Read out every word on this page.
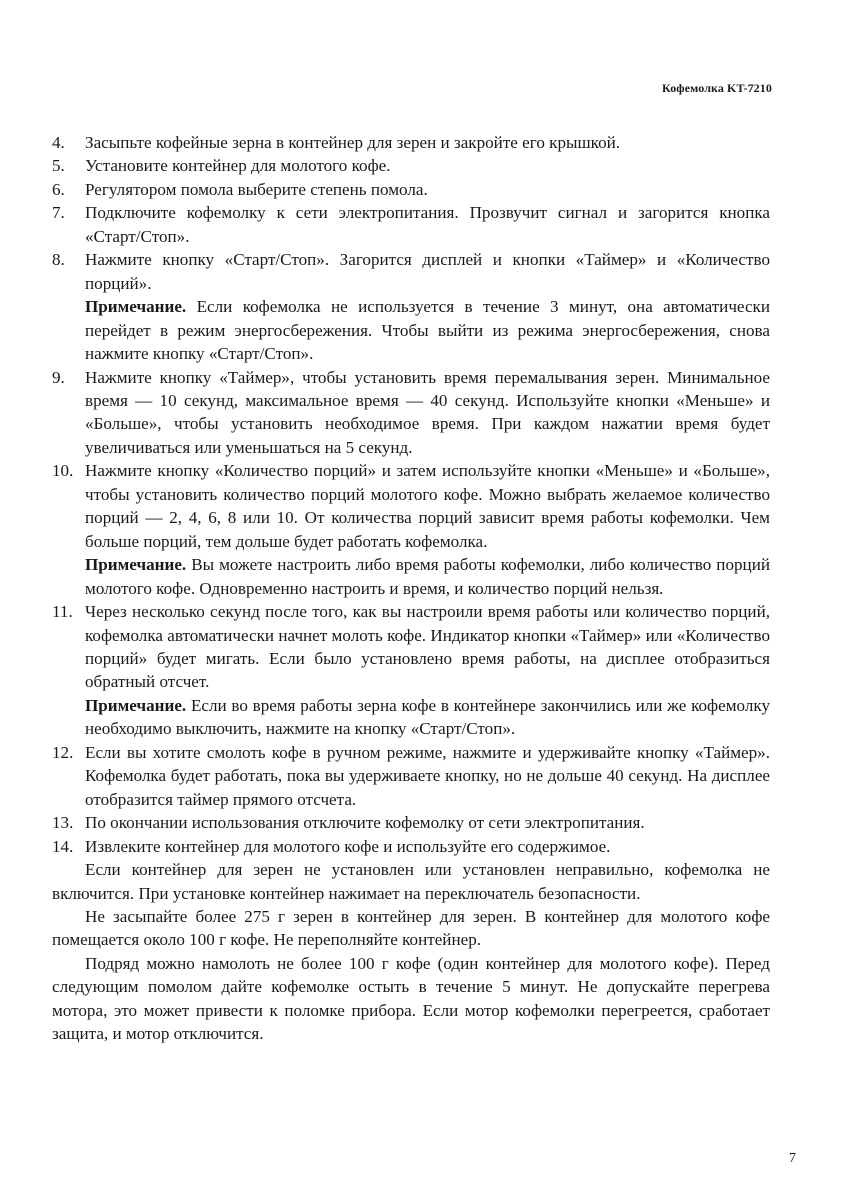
Кофемолка KT-7210
4. Засыпьте кофейные зерна в контейнер для зерен и закройте его крышкой.
5. Установите контейнер для молотого кофе.
6. Регулятором помола выберите степень помола.
7. Подключите кофемолку к сети электропитания. Прозвучит сигнал и загорится кнопка «Старт/Стоп».
8. Нажмите кнопку «Старт/Стоп». Загорится дисплей и кнопки «Таймер» и «Количество порций».
Примечание. Если кофемолка не используется в течение 3 минут, она автоматически перейдет в режим энергосбережения. Чтобы выйти из режима энергосбережения, снова нажмите кнопку «Старт/Стоп».
9. Нажмите кнопку «Таймер», чтобы установить время перемалывания зерен. Минимальное время — 10 секунд, максимальное время — 40 секунд. Используйте кнопки «Меньше» и «Больше», чтобы установить необходимое время. При каждом нажатии время будет увеличиваться или уменьшаться на 5 секунд.
10. Нажмите кнопку «Количество порций» и затем используйте кнопки «Меньше» и «Больше», чтобы установить количество порций молотого кофе. Можно выбрать желаемое количество порций — 2, 4, 6, 8 или 10. От количества порций зависит время работы кофемолки. Чем больше порций, тем дольше будет работать кофемолка.
Примечание. Вы можете настроить либо время работы кофемолки, либо количество порций молотого кофе. Одновременно настроить и время, и количество порций нельзя.
11. Через несколько секунд после того, как вы настроили время работы или количество порций, кофемолка автоматически начнет молоть кофе. Индикатор кнопки «Таймер» или «Количество порций» будет мигать. Если было установлено время работы, на дисплее отобразиться обратный отсчет.
Примечание. Если во время работы зерна кофе в контейнере закончились или же кофемолку необходимо выключить, нажмите на кнопку «Старт/Стоп».
12. Если вы хотите смолоть кофе в ручном режиме, нажмите и удерживайте кнопку «Таймер». Кофемолка будет работать, пока вы удерживаете кнопку, но не дольше 40 секунд. На дисплее отобразится таймер прямого отсчета.
13. По окончании использования отключите кофемолку от сети электропитания.
14. Извлеките контейнер для молотого кофе и используйте его содержимое.

Если контейнер для зерен не установлен или установлен неправильно, кофемолка не включится. При установке контейнер нажимает на переключатель безопасности.

Не засыпайте более 275 г зерен в контейнер для зерен. В контейнер для молотого кофе помещается около 100 г кофе. Не переполняйте контейнер.

Подряд можно намолоть не более 100 г кофе (один контейнер для молотого кофе). Перед следующим помолом дайте кофемолке остыть в течение 5 минут. Не допускайте перегрева мотора, это может привести к поломке прибора. Если мотор кофемолки перегреется, сработает защита, и мотор отключится.

7
